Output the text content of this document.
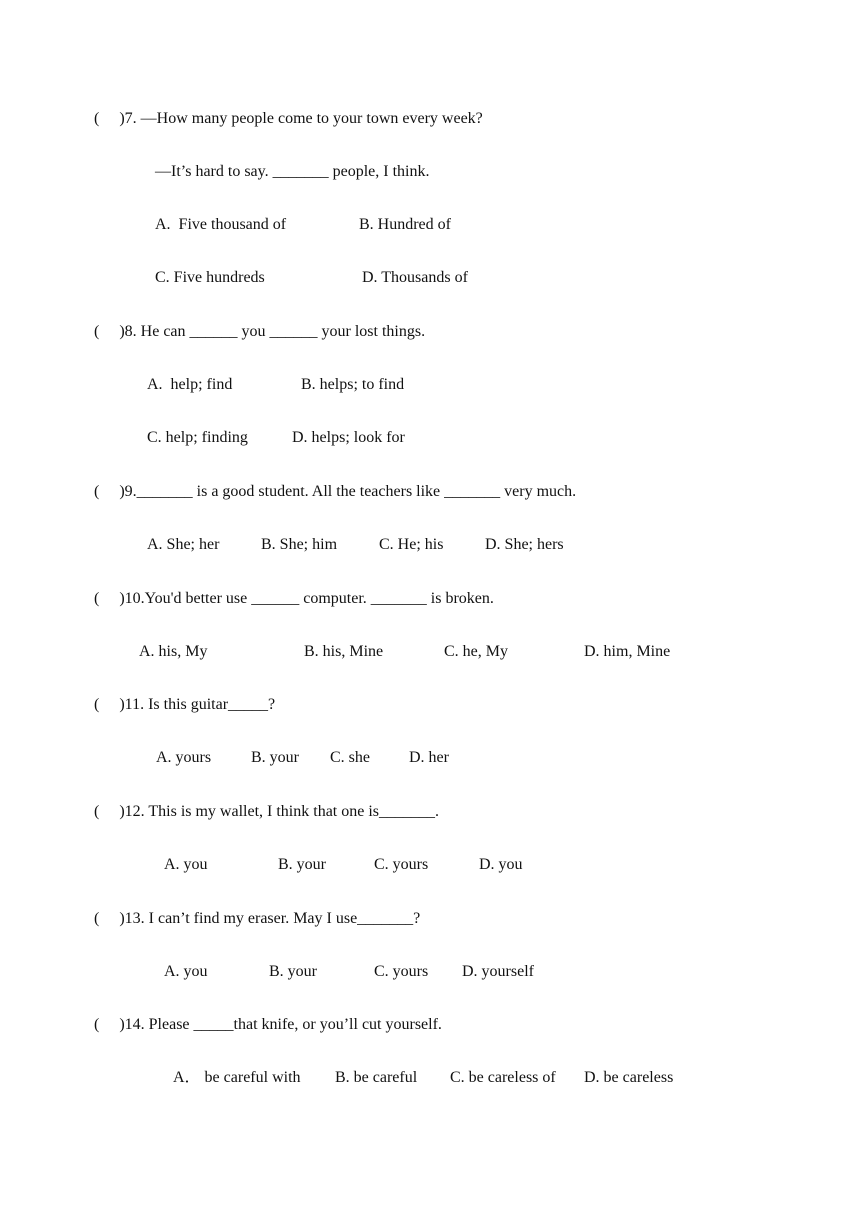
(　 )7. —How many people come to your town every week?
—It’s hard to say. _______ people, I think.
A.  Five thousand of	B. Hundred of
C. Five hundreds	D. Thousands of
(　 )8. He can ______ you ______ your lost things.
A.  help; find	B. helps; to find
C. help; finding	D. helps; look for
(　 )9._______ is a good student. All the teachers like _______ very much.
A. She; her	B. She; him	C. He; his	D. She; hers
(　 )10.You'd better use ______ computer. _______ is broken.
A. his, My	B. his, Mine	C. he, My	D. him, Mine
(　 )11. Is this guitar_____?
A. yours B. your C. she D. her
(　 )12. This is my wallet, I think that one is_______.
A. you	B. your	C. yours	D. you
(　 )13. I can’t find my eraser. May I use_______?
A. you	B. your	C. yours D. yourself
(　 )14. Please _____that knife, or you’ll cut yourself.
A． be careful with B. be careful C. be careless of D. be careless
